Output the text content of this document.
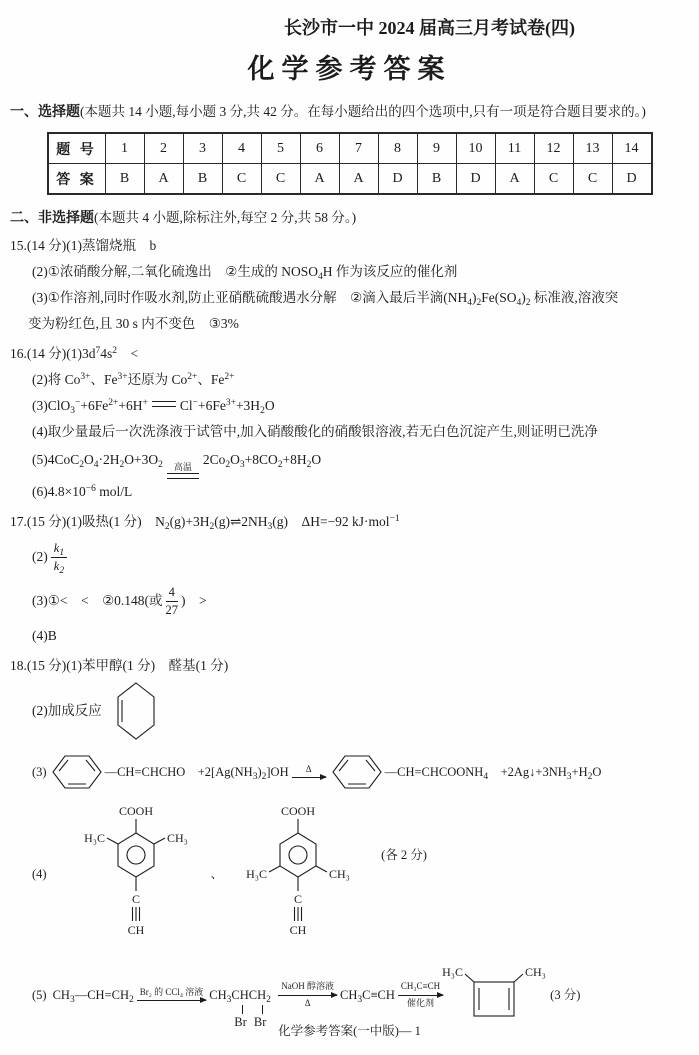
长沙市一中 2024 届高三月考试卷(四)
化学参考答案
一、选择题(本题共 14 小题,每小题 3 分,共 42 分。在每小题给出的四个选项中,只有一项是符合题目要求的。)
题 号	1	2	3	4	5	6	7	8	9	10	11	12	13	14
答 案	B	A	B	C	C	A	A	D	B	D	A	C	C	D
二、非选择题(本题共 4 小题,除标注外,每空 2 分,共 58 分。)
15.(14 分)(1)蒸馏烧瓶　b
(2)①浓硝酸分解,二氧化硫逸出　②生成的 $NOSO_4H$ 作为该反应的催化剂
(3)①作溶剂,同时作吸水剂,防止亚硝酰硫酸遇水分解　②滴入最后半滴$(NH_4)_2Fe(SO_4)_2$ 标准液,溶液突
变为粉红色,且 30 s 内不变色　③3%
16.(14 分)$(1)3d^74s^2$　<
(2)将 $Co^{3+}$、$Fe^{3+}$还原为 $Co^{2+}$、$Fe^{2+}$
$(3)ClO_3^-+6Fe^{2+}+6H^+$ $Cl^-+6Fe^{3+}+3H_2O$
(4)取少量最后一次洗涤液于试管中,加入硝酸酸化的硝酸银溶液,若无白色沉淀产生,则证明已洗净
$(5)4CoC_2O_4\cdot 2H_2O+3O_2$ 高温 $2Co_2O_3+8CO_2+8H_2O$
$(6)4.8\times 10^{-6}$ mol/L
17.(15 分)(1)吸热(1 分)　$N_2(g)+3H_2(g)\rightleftharpoons 2NH_3(g)$　ΔH=−92 kJ·mol$^{-1}$
$(2) \frac{k_1}{k_2}$
(3)①<　<　②0.148(或 $\frac{4}{27}$ )　>
(4)B
18.(15 分)(1)苯甲醇(1 分)　醛基(1 分)
(2)加成反应
(3)	—CH=CHCHO　$+2[Ag(NH_3)_2]OH$	Δ	$—CH=CHCOONH_4$　$+2Ag↓+3NH_3+H_2O$
(4)
COOH
H₃C	CH₃
C
CH
、
COOH
H₃C	CH₃
C
CH
(各 2 分)
(5) $CH_3—CH=CH_2$
Br₂ 的 CCl₄ 溶液 $CH_3CHCH_2$
Br Br
NaOH 醇溶液
Δ
$CH_3C\equiv CH$
CH₃C≡CH
催化剂
H₃C	CH₃
(3 分)
化学参考答案(一中版)— 1
